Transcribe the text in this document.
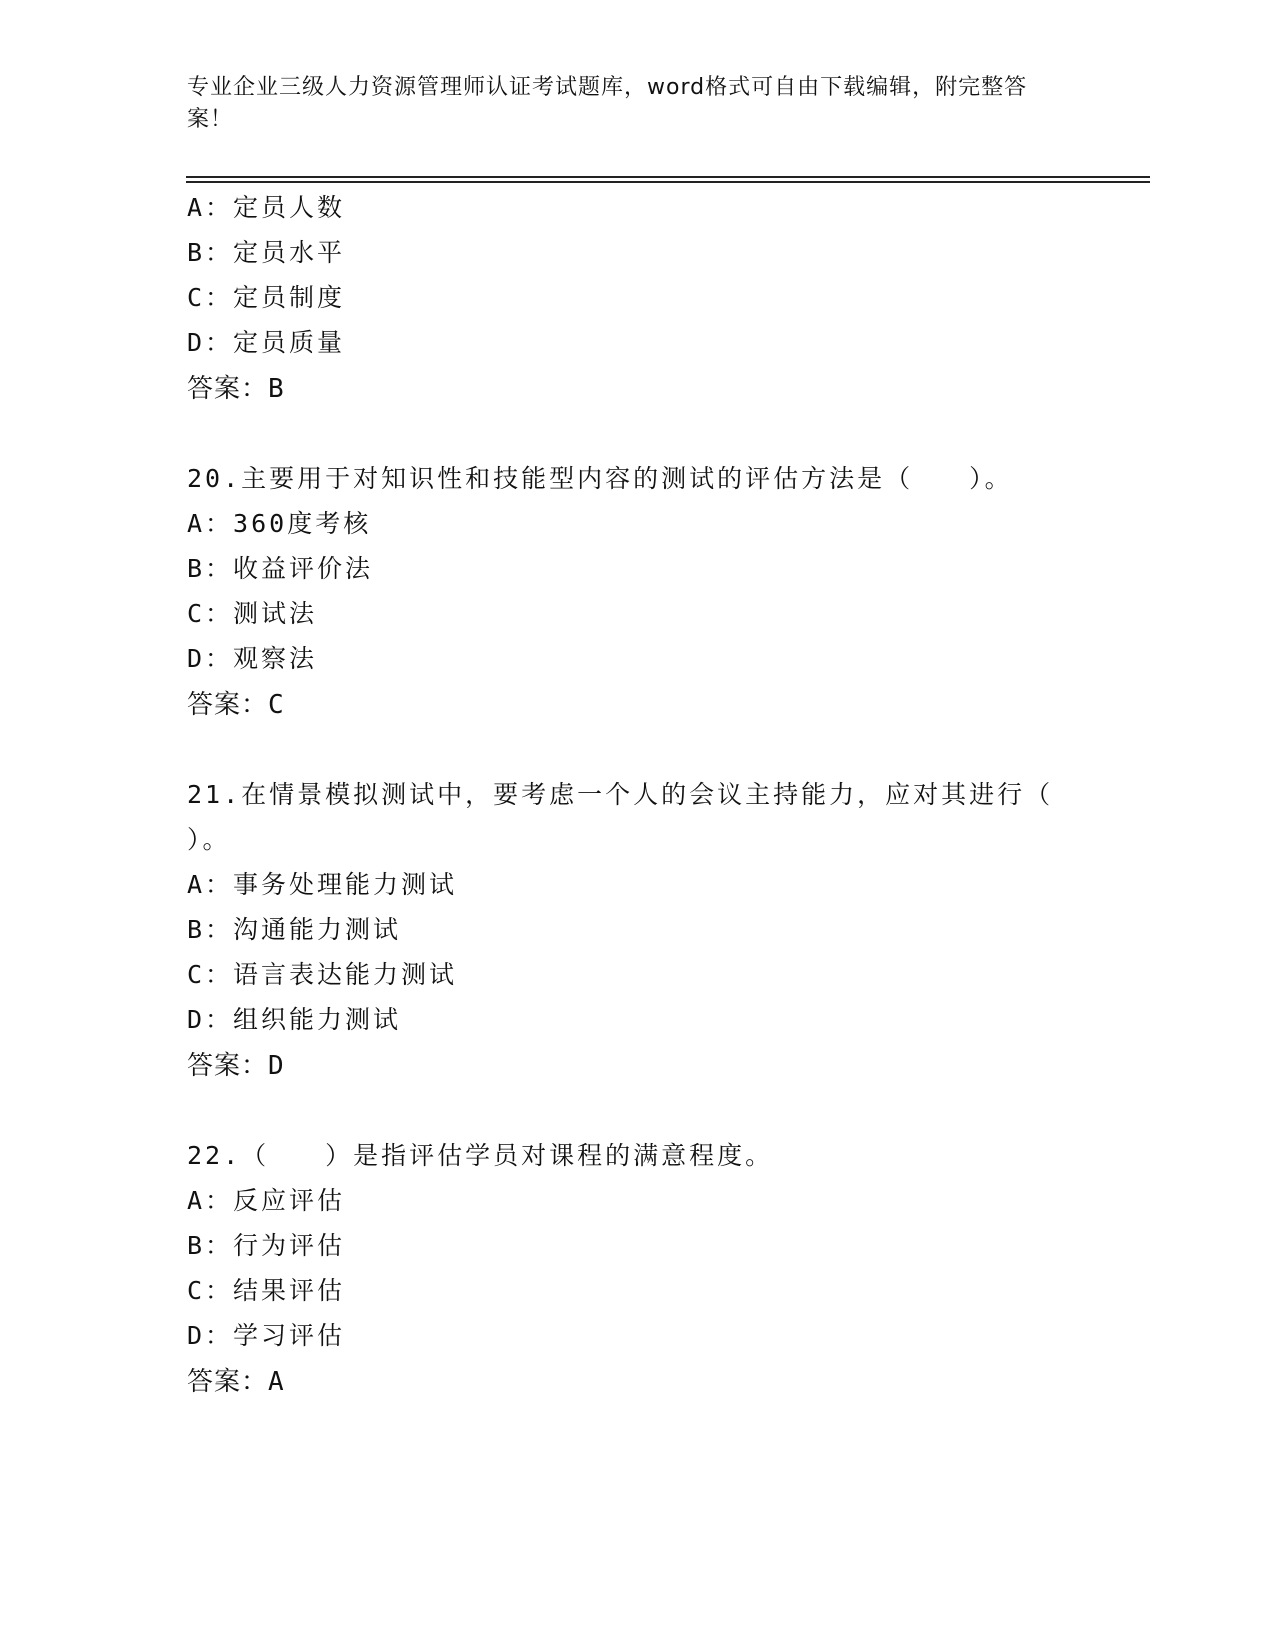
专业企业三级人力资源管理师认证考试题库，word格式可自由下载编辑，附完整答案！
A：定员人数
B：定员水平
C：定员制度
D：定员质量
答案：B
20.主要用于对知识性和技能型内容的测试的评估方法是（　　）。
A：360度考核
B：收益评价法
C：测试法
D：观察法
答案：C
21.在情景模拟测试中，要考虑一个人的会议主持能力，应对其进行（
）。
A：事务处理能力测试
B：沟通能力测试
C：语言表达能力测试
D：组织能力测试
答案：D
22.（　　）是指评估学员对课程的满意程度。
A：反应评估
B：行为评估
C：结果评估
D：学习评估
答案：A
